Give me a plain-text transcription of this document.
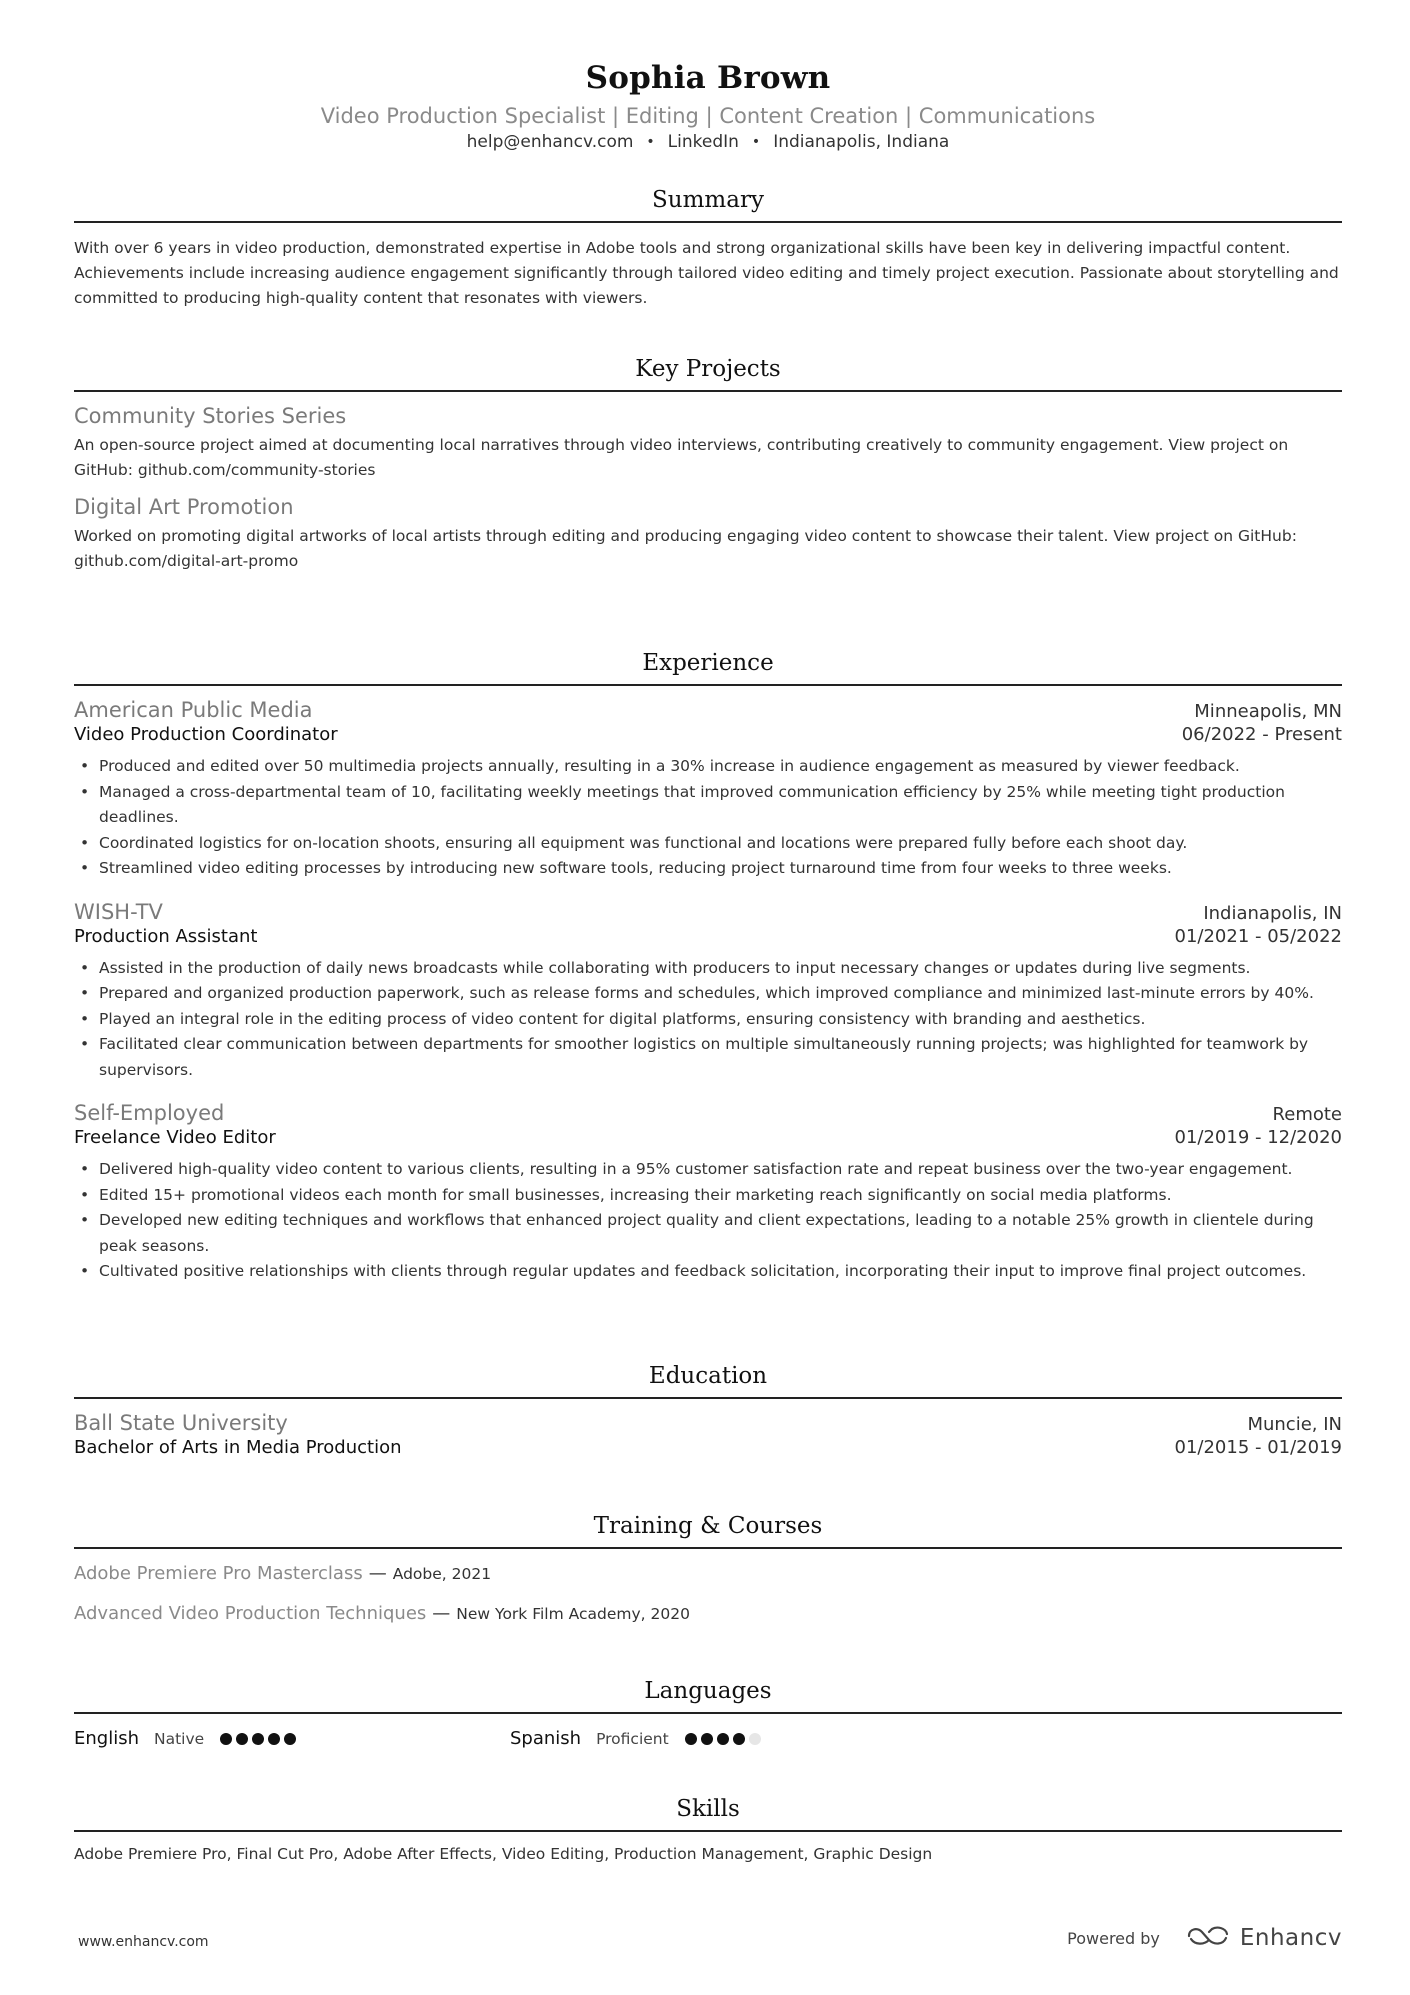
Sophia Brown
Video Production Specialist | Editing | Content Creation | Communications
help@enhancv.com • LinkedIn • Indianapolis, Indiana
Summary
With over 6 years in video production, demonstrated expertise in Adobe tools and strong organizational skills have been key in delivering impactful content. Achievements include increasing audience engagement significantly through tailored video editing and timely project execution. Passionate about storytelling and committed to producing high-quality content that resonates with viewers.
Key Projects
Community Stories Series
An open-source project aimed at documenting local narratives through video interviews, contributing creatively to community engagement. View project on GitHub: github.com/community-stories
Digital Art Promotion
Worked on promoting digital artworks of local artists through editing and producing engaging video content to showcase their talent. View project on GitHub: github.com/digital-art-promo
Experience
American Public Media	Minneapolis, MN
Video Production Coordinator	06/2022 - Present
• Produced and edited over 50 multimedia projects annually, resulting in a 30% increase in audience engagement as measured by viewer feedback.
• Managed a cross-departmental team of 10, facilitating weekly meetings that improved communication efficiency by 25% while meeting tight production deadlines.
• Coordinated logistics for on-location shoots, ensuring all equipment was functional and locations were prepared fully before each shoot day.
• Streamlined video editing processes by introducing new software tools, reducing project turnaround time from four weeks to three weeks.
WISH-TV	Indianapolis, IN
Production Assistant	01/2021 - 05/2022
• Assisted in the production of daily news broadcasts while collaborating with producers to input necessary changes or updates during live segments.
• Prepared and organized production paperwork, such as release forms and schedules, which improved compliance and minimized last-minute errors by 40%.
• Played an integral role in the editing process of video content for digital platforms, ensuring consistency with branding and aesthetics.
• Facilitated clear communication between departments for smoother logistics on multiple simultaneously running projects; was highlighted for teamwork by supervisors.
Self-Employed	Remote
Freelance Video Editor	01/2019 - 12/2020
• Delivered high-quality video content to various clients, resulting in a 95% customer satisfaction rate and repeat business over the two-year engagement.
• Edited 15+ promotional videos each month for small businesses, increasing their marketing reach significantly on social media platforms.
• Developed new editing techniques and workflows that enhanced project quality and client expectations, leading to a notable 25% growth in clientele during peak seasons.
• Cultivated positive relationships with clients through regular updates and feedback solicitation, incorporating their input to improve final project outcomes.
Education
Ball State University	Muncie, IN
Bachelor of Arts in Media Production	01/2015 - 01/2019
Training & Courses
Adobe Premiere Pro Masterclass — Adobe, 2021
Advanced Video Production Techniques — New York Film Academy, 2020
Languages
English Native	Spanish Proficient
Skills
Adobe Premiere Pro, Final Cut Pro, Adobe After Effects, Video Editing, Production Management, Graphic Design
www.enhancv.com	Powered by	Enhancv
